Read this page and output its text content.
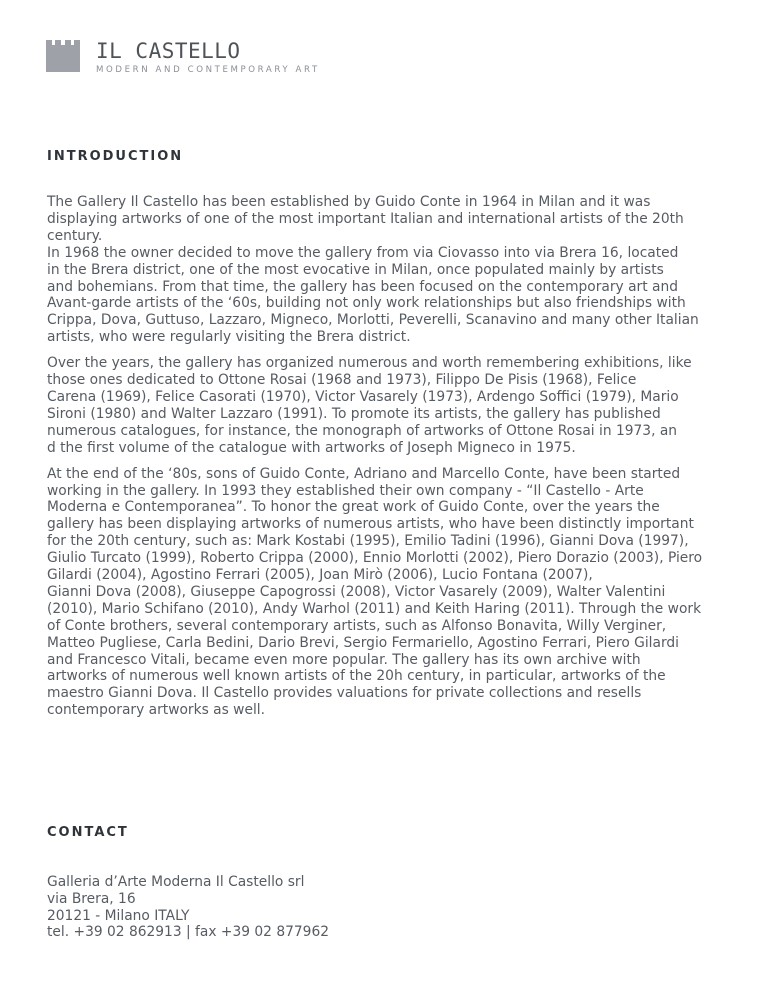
IL CASTELLO
MODERN AND CONTEMPORARY ART
INTRODUCTION

The Gallery Il Castello has been established by Guido Conte in 1964 in Milan and it was
displaying artworks of one of the most important Italian and international artists of the 20th
century.
In 1968 the owner decided to move the gallery from via Ciovasso into via Brera 16, located
in the Brera district, one of the most evocative in Milan, once populated mainly by artists
and bohemians. From that time, the gallery has been focused on the contemporary art and
Avant-garde artists of the ‘60s, building not only work relationships but also friendships with
Crippa, Dova, Guttuso, Lazzaro, Migneco, Morlotti, Peverelli, Scanavino and many other Italian
artists, who were regularly visiting the Brera district.

Over the years, the gallery has organized numerous and worth remembering exhibitions, like
those ones dedicated to Ottone Rosai (1968 and 1973), Filippo De Pisis (1968), Felice
Carena (1969), Felice Casorati (1970), Victor Vasarely (1973), Ardengo Soffici (1979), Mario
Sironi (1980) and Walter Lazzaro (1991). To promote its artists, the gallery has published
numerous catalogues, for instance, the monograph of artworks of Ottone Rosai in 1973, an
d the first volume of the catalogue with artworks of Joseph Migneco in 1975.

At the end of the ‘80s, sons of Guido Conte, Adriano and Marcello Conte, have been started
working in the gallery. In 1993 they established their own company - “Il Castello - Arte
Moderna e Contemporanea”. To honor the great work of Guido Conte, over the years the
gallery has been displaying artworks of numerous artists, who have been distinctly important
for the 20th century, such as: Mark Kostabi (1995), Emilio Tadini (1996), Gianni Dova (1997),
Giulio Turcato (1999), Roberto Crippa (2000), Ennio Morlotti (2002), Piero Dorazio (2003), Piero
Gilardi (2004), Agostino Ferrari (2005), Joan Mirò (2006), Lucio Fontana (2007),
Gianni Dova (2008), Giuseppe Capogrossi (2008), Victor Vasarely (2009), Walter Valentini
(2010), Mario Schifano (2010), Andy Warhol (2011) and Keith Haring (2011). Through the work
of Conte brothers, several contemporary artists, such as Alfonso Bonavita, Willy Verginer,
Matteo Pugliese, Carla Bedini, Dario Brevi, Sergio Fermariello, Agostino Ferrari, Piero Gilardi
and Francesco Vitali, became even more popular. The gallery has its own archive with
artworks of numerous well known artists of the 20h century, in particular, artworks of the
maestro Gianni Dova. Il Castello provides valuations for private collections and resells
contemporary artworks as well.

CONTACT
Galleria d’Arte Moderna Il Castello srl
via Brera, 16
20121 - Milano ITALY
tel. +39 02 862913 | fax +39 02 877962
